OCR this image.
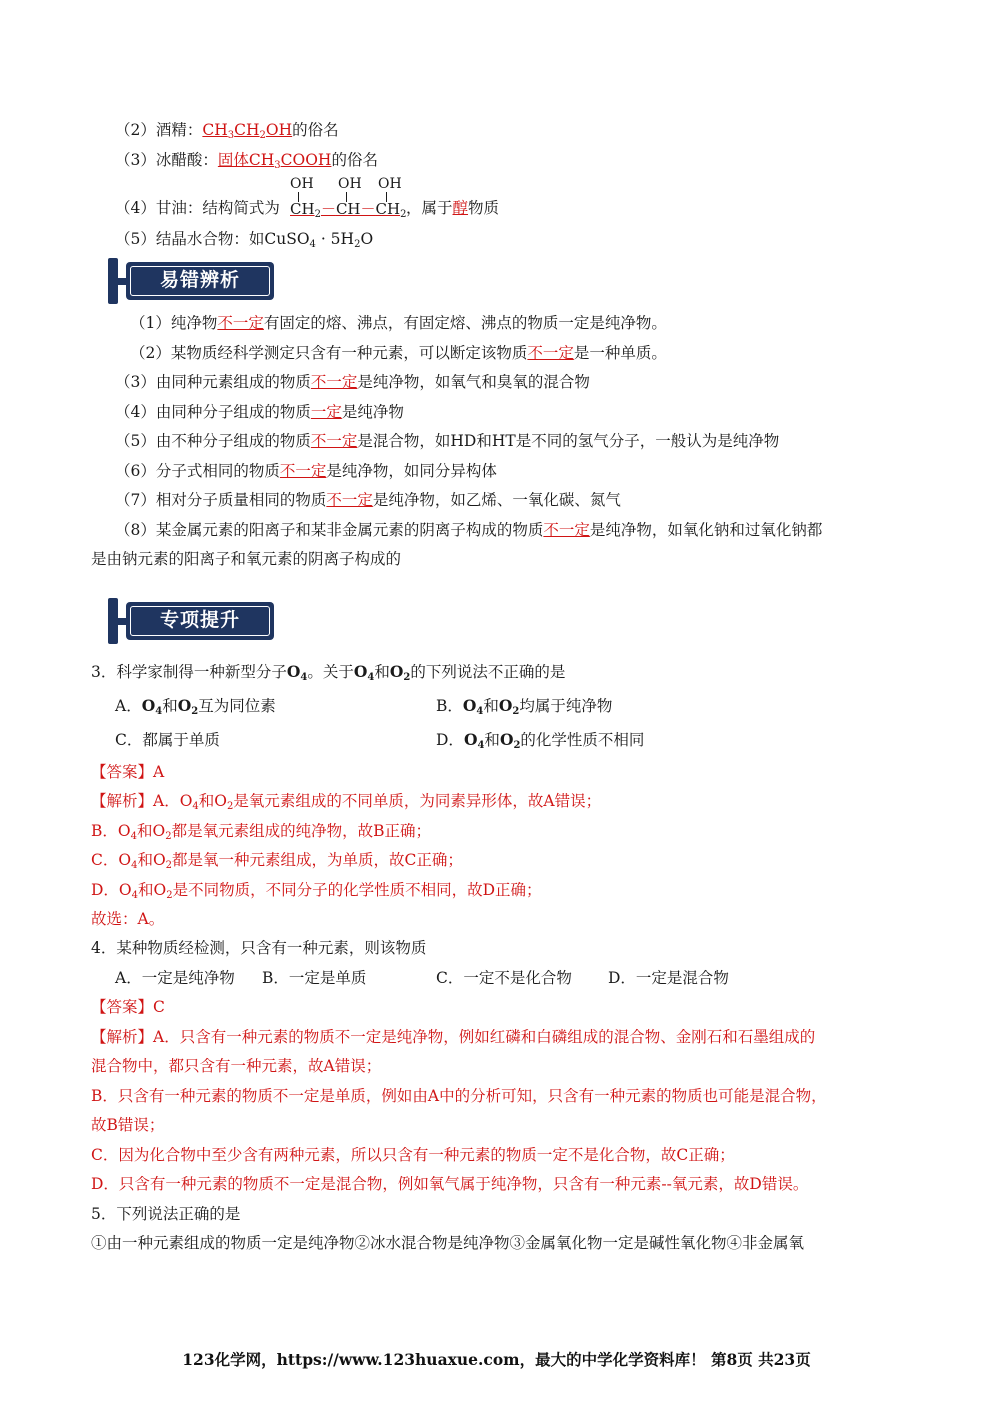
（2）酒精：$CH_3CH_2OH$的俗名
（3）冰醋酸：固体$CH_3COOH$的俗名
（4）甘油：结构简式为
OH OH OH
$CH_2-CH-CH_2$ ，属于醇物质
（5）结晶水合物：如CuSO$_4$ · $5H_2O$
易错辨析
（1）纯净物不一定有固定的熔、沸点，有固定熔、沸点的物质一定是纯净物。
（2）某物质经科学测定只含有一种元素，可以断定该物质不一定是一种单质。
（3）由同种元素组成的物质不一定是纯净物，如氧气和臭氧的混合物
（4）由同种分子组成的物质一定是纯净物
（5）由不种分子组成的物质不一定是混合物，如HD和HT是不同的氢气分子，一般认为是纯净物
（6）分子式相同的物质不一定是纯净物，如同分异构体
（7）相对分子质量相同的物质不一定是纯净物，如乙烯、一氧化碳、氮气
（8）某金属元素的阳离子和某非金属元素的阴离子构成的物质不一定是纯净物，如氧化钠和过氧化钠都
是由钠元素的阳离子和氧元素的阴离子构成的
专项提升
3．科学家制得一种新型分子$O_4$。关于$O_4$和$O_2$的下列说法不正确的是
A．$O_4$和$O_2$互为同位素	B．$O_4$和$O_2$均属于纯净物
C．都属于单质	D．$O_4$和$O_2$的化学性质不相同
【答案】A
【解析】A．$O_4$和$O_2$是氧元素组成的不同单质，为同素异形体，故A错误；
B．$O_4$和$O_2$都是氧元素组成的纯净物，故B正确；
C．$O_4$和$O_2$都是氧一种元素组成，为单质，故C正确；
D．$O_4$和$O_2$是不同物质，不同分子的化学性质不相同，故D正确；
故选：A。
4．某种物质经检测，只含有一种元素，则该物质
A．一定是纯净物 B．一定是单质	C．一定不是化合物 D．一定是混合物
【答案】C
【解析】A．只含有一种元素的物质不一定是纯净物，例如红磷和白磷组成的混合物、金刚石和石墨组成的
混合物中，都只含有一种元素，故A错误；
B．只含有一种元素的物质不一定是单质，例如由A中的分析可知，只含有一种元素的物质也可能是混合物，
故B错误；
C．因为化合物中至少含有两种元素，所以只含有一种元素的物质一定不是化合物，故C正确；
D．只含有一种元素的物质不一定是混合物，例如氧气属于纯净物，只含有一种元素--氧元素，故D错误。
5．下列说法正确的是
①由一种元素组成的物质一定是纯净物②冰水混合物是纯净物③金属氧化物一定是碱性氧化物④非金属氧
123化学网，https://www.123huaxue.com，最大的中学化学资料库！ 第8页 共23页
